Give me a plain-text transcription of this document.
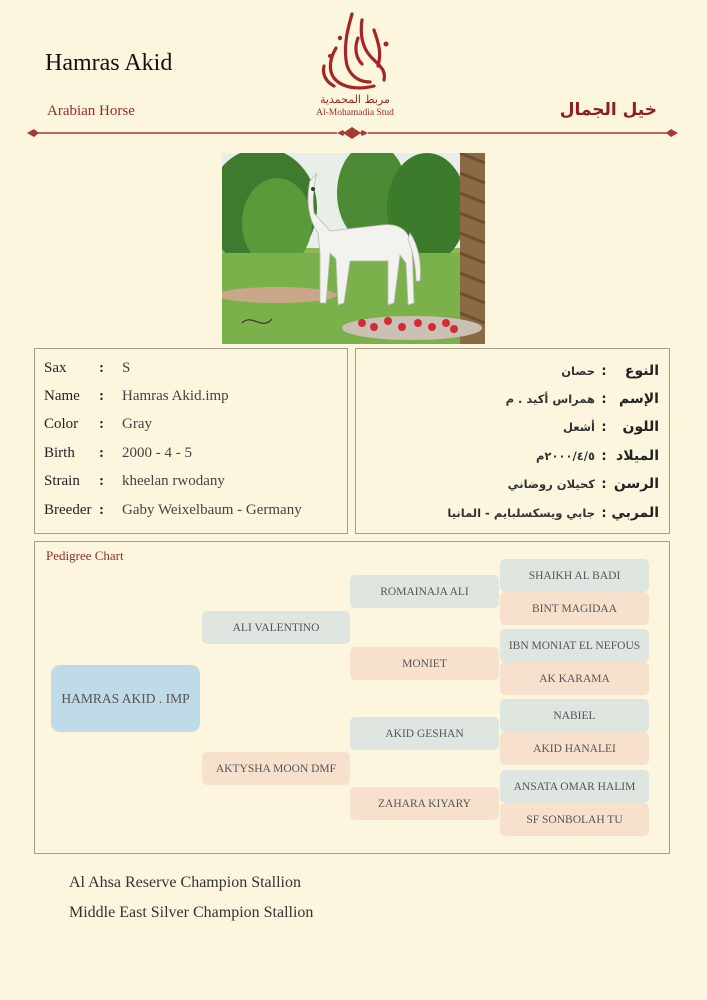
Hamras Akid
Arabian Horse	خيل الجمال
مربط المحمدية
Al-Mohamadia Stud
Sax : S
Name : Hamras Akid.imp
Color : Gray
Birth : 2000 - 4 - 5
Strain : kheelan rwodany
Breeder : Gaby Weixelbaum - Germany
النوع:حصان
الإسم:همراس أكيد . م
اللون:أشعل
الميلاد:٢٠٠٠/٤/٥م
الرسن:كحيلان روضاني
المربي:جابي ويسكسلبايم - المانيا
Pedigree Chart
HAMRAS AKID . IMP
ALI VALENTINO
AKTYSHA MOON DMF
ROMAINAJA ALI
MONIET
AKID GESHAN
ZAHARA KIYARY
SHAIKH AL BADI
BINT MAGIDAA
IBN MONIAT EL NEFOUS
AK KARAMA
NABIEL
AKID HANALEI
ANSATA OMAR HALIM
SF SONBOLAH TU
Al Ahsa Reserve Champion Stallion
Middle East Silver Champion Stallion
